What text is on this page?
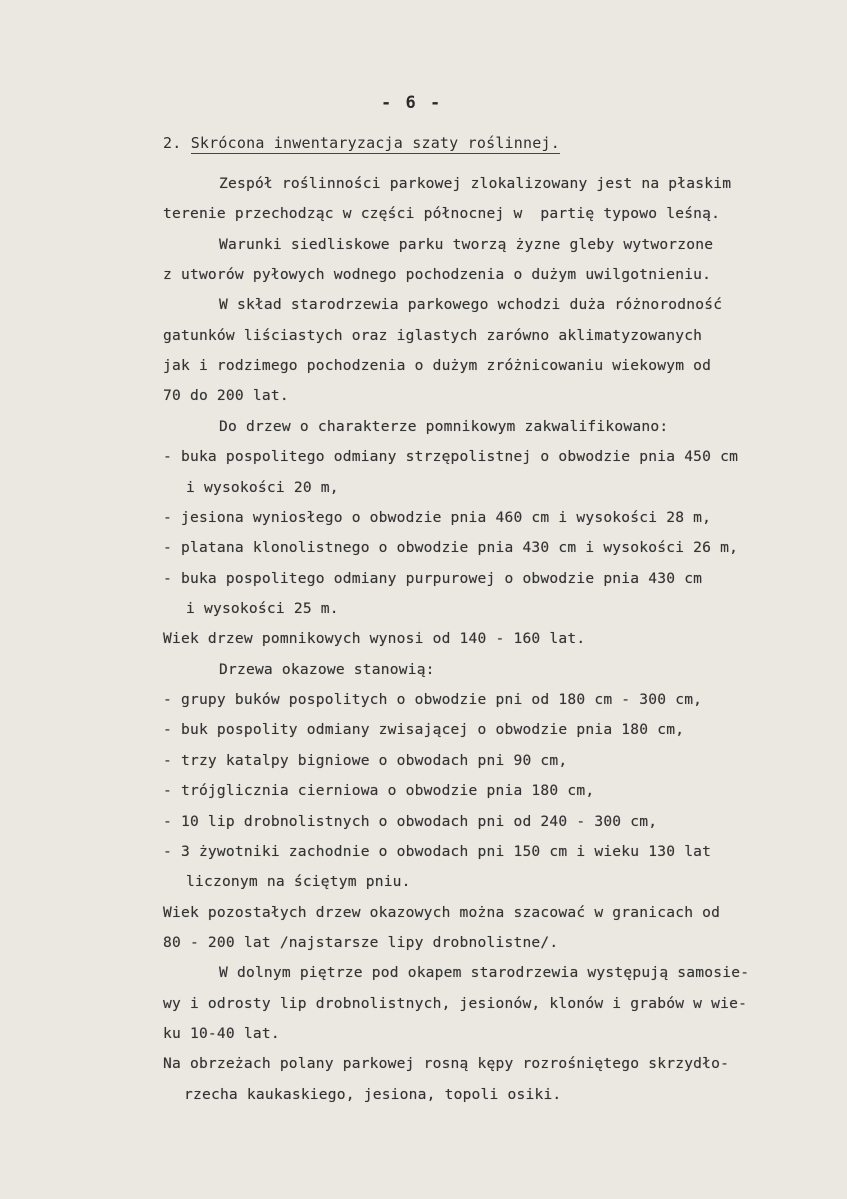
- 6 -
2. Skrócona inwentaryzacja szaty roślinnej.
Zespół roślinności parkowej zlokalizowany jest na płaskim
terenie przechodząc w części północnej w  partię typowo leśną.
Warunki siedliskowe parku tworzą żyzne gleby wytworzone
z utworów pyłowych wodnego pochodzenia o dużym uwilgotnieniu.
W skład starodrzewia parkowego wchodzi duża różnorodność
gatunków liściastych oraz iglastych zarówno aklimatyzowanych
jak i rodzimego pochodzenia o dużym zróżnicowaniu wiekowym od
70 do 200 lat.
Do drzew o charakterze pomnikowym zakwalifikowano:
- buka pospolitego odmiany strzępolistnej o obwodzie pnia 450 cm
i wysokości 20 m,
- jesiona wyniosłego o obwodzie pnia 460 cm i wysokości 28 m,
- platana klonolistnego o obwodzie pnia 430 cm i wysokości 26 m,
- buka pospolitego odmiany purpurowej o obwodzie pnia 430 cm
i wysokości 25 m.
Wiek drzew pomnikowych wynosi od 140 - 160 lat.
Drzewa okazowe stanowią:
- grupy buków pospolitych o obwodzie pni od 180 cm - 300 cm,
- buk pospolity odmiany zwisającej o obwodzie pnia 180 cm,
- trzy katalpy bigniowe o obwodach pni 90 cm,
- trójglicznia cierniowa o obwodzie pnia 180 cm,
- 10 lip drobnolistnych o obwodach pni od 240 - 300 cm,
- 3 żywotniki zachodnie o obwodach pni 150 cm i wieku 130 lat
liczonym na ściętym pniu.
Wiek pozostałych drzew okazowych można szacować w granicach od
80 - 200 lat /najstarsze lipy drobnolistne/.
W dolnym piętrze pod okapem starodrzewia występują samosie-
wy i odrosty lip drobnolistnych, jesionów, klonów i grabów w wie-
ku 10-40 lat.
Na obrzeżach polany parkowej rosną kępy rozrośniętego skrzydło-
rzecha kaukaskiego, jesiona, topoli osiki.
